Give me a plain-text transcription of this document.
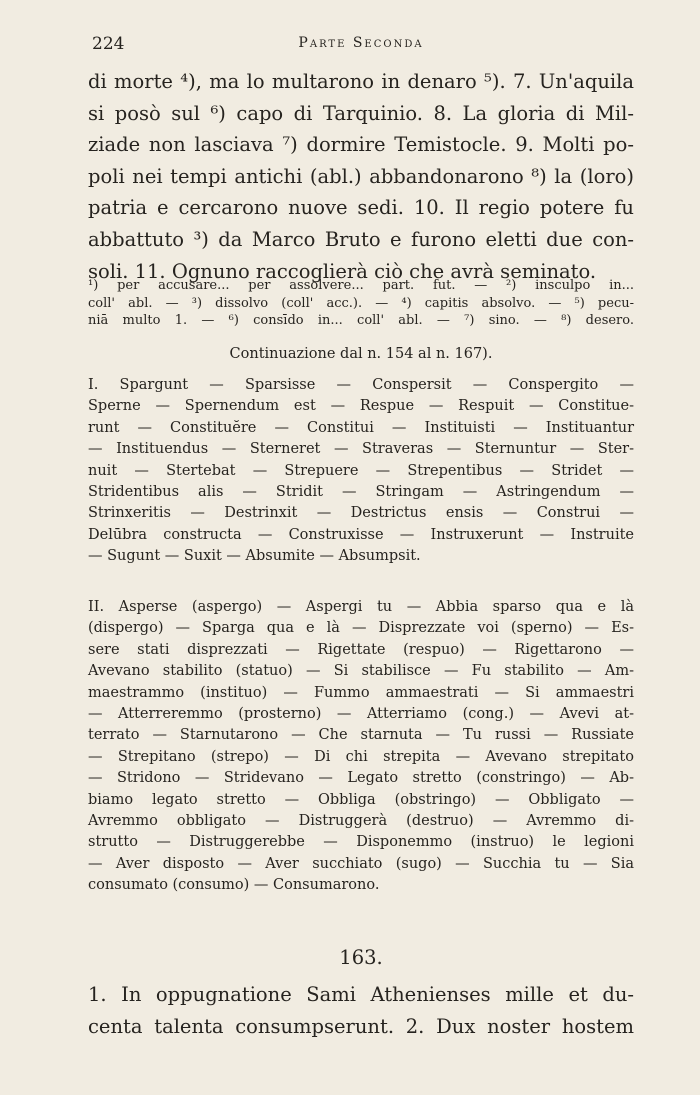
224	Parte Seconda
di morte ⁴), ma lo multarono in denaro ⁵). 7. Un'aquila
si posò sul ⁶) capo di Tarquinio. 8. La gloria di Mil-
ziade non lasciava ⁷) dormire Temistocle. 9. Molti po-
poli nei tempi antichi (abl.) abbandonarono ⁸) la (loro)
patria e cercarono nuove sedi. 10. Il regio potere fu
abbattuto ³) da Marco Bruto e furono eletti due con-
soli. 11. Ognuno raccoglierà ciò che avrà seminato.
¹) per accusare... per assolvere... part. fut. — ²) insculpo in...
coll' abl. — ³) dissolvo (coll' acc.). — ⁴) capitis absolvo. — ⁵) pecu-
niā multo 1. — ⁶) consīdo in... coll' abl. — ⁷) sino. — ⁸) desero.
Continuazione dal n. 154 al n. 167).
I. Spargunt — Sparsisse — Conspersit — Conspergito —
Sperne — Spernendum est — Respue — Respuit — Constitue-
runt — Constituĕre — Constitui — Instituisti — Instituantur
— Instituendus — Sterneret — Straveras — Sternuntur — Ster-
nuit — Stertebat — Strepuere — Strepentibus — Stridet —
Stridentibus alis — Stridit — Stringam — Astringendum —
Strinxeritis — Destrinxit — Destrictus ensis — Construi —
Delūbra constructa — Construxisse — Instruxerunt — Instruite
— Sugunt — Suxit — Absumite — Absumpsit.
II. Asperse (aspergo) — Aspergi tu — Abbia sparso qua e là
(dispergo) — Sparga qua e là — Disprezzate voi (sperno) — Es-
sere stati disprezzati — Rigettate (respuo) — Rigettarono —
Avevano stabilito (statuo) — Si stabilisce — Fu stabilito — Am-
maestrammo (instituo) — Fummo ammaestrati — Si ammaestri
— Atterreremmo (prosterno) — Atterriamo (cong.) — Avevi at-
terrato — Starnutarono — Che starnuta — Tu russi — Russiate
— Strepitano (strepo) — Di chi strepita — Avevano strepitato
— Stridono — Stridevano — Legato stretto (constringo) — Ab-
biamo legato stretto — Obbliga (obstringo) — Obbligato —
Avremmo obbligato — Distruggerà (destruo) — Avremmo di-
strutto — Distruggerebbe — Disponemmo (instruo) le legioni
— Aver disposto — Aver succhiato (sugo) — Succhia tu — Sia
consumato (consumo) — Consumarono.
163.
1. In oppugnatione Sami Athenienses mille et du-
centa talenta consumpserunt. 2. Dux noster hostem
